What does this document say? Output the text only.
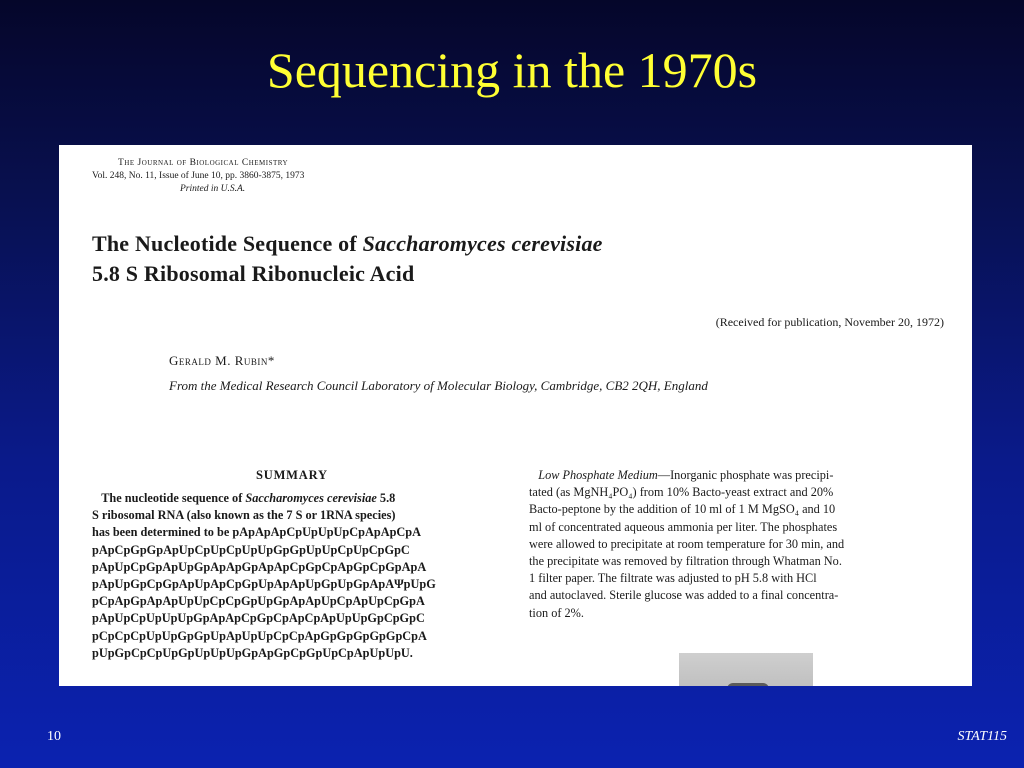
Sequencing in the 1970s
The Journal of Biological Chemistry
Vol. 248, No. 11, Issue of June 10, pp. 3860-3875, 1973
Printed in U.S.A.
The Nucleotide Sequence of Saccharomyces cerevisiae
5.8 S Ribosomal Ribonucleic Acid
(Received for publication, November 20, 1972)
Gerald M. Rubin*
From the Medical Research Council Laboratory of Molecular Biology, Cambridge, CB2 2QH, England
SUMMARY
The nucleotide sequence of Saccharomyces cerevisiae 5.8
S ribosomal RNA (also known as the 7 S or 1RNA species)
has been determined to be pApApApCpUpUpUpCpApApCpA
pApCpGpGpApUpCpUpCpUpUpGpGpUpUpCpUpCpGpC
pApUpCpGpApUpGpApApGpApApCpGpCpApGpCpGpApA
pApUpGpCpGpApUpApCpGpUpApApUpGpUpGpApAΨpUpG
pCpApGpApApUpUpCpCpGpUpGpApApUpCpApUpCpGpA
pApUpCpUpUpUpGpApApCpGpCpApCpApUpUpGpCpGpC
pCpCpCpUpUpGpGpUpApUpUpCpCpApGpGpGpGpGpCpA
pUpGpCpCpUpGpUpUpUpGpApGpCpGpUpCpApUpUpU.
Low Phosphate Medium—Inorganic phosphate was precipi-
tated (as MgNH₄PO₄) from 10% Bacto-yeast extract and 20%
Bacto-peptone by the addition of 10 ml of 1 M MgSO₄ and 10
ml of concentrated aqueous ammonia per liter. The phosphates
were allowed to precipitate at room temperature for 30 min, and
the precipitate was removed by filtration through Whatman No.
1 filter paper. The filtrate was adjusted to pH 5.8 with HCl
and autoclaved. Sterile glucose was added to a final concentra-
tion of 2%.
10	STAT115
